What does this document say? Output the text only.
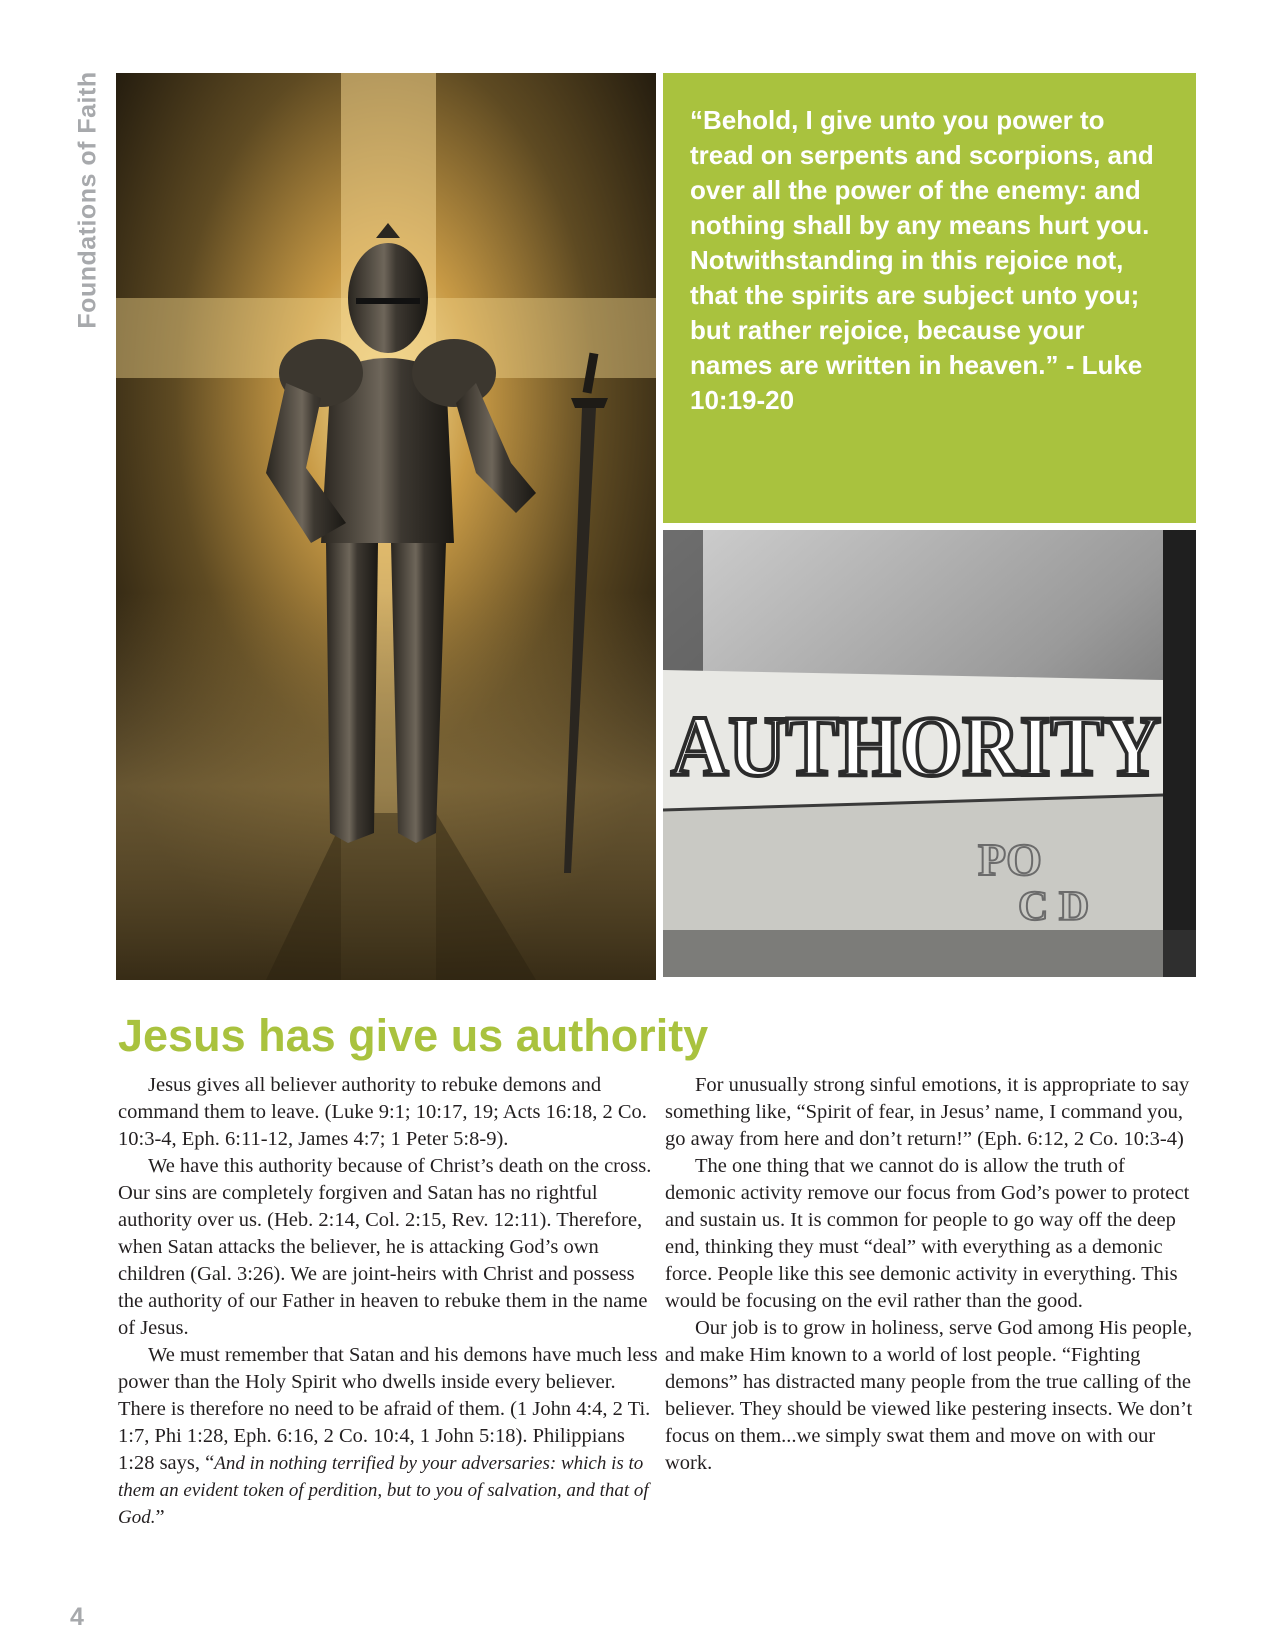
Foundations of Faith	“Behold, I give unto you power to tread on serpents and scorpions, and over all the power of the enemy: and nothing shall by any means hurt you. Notwithstanding in this rejoice not, that the spirits are subject unto you; but rather rejoice, because your names are written in heaven.” - Luke 10:19-20

AUTHORITY
PO
C D
Jesus has give us authority

Jesus gives all believer authority to rebuke demons and command them to leave. (Luke 9:1; 10:17, 19; Acts 16:18, 2 Co. 10:3-4, Eph. 6:11-12, James 4:7; 1 Peter 5:8-9).

We have this authority because of Christ’s death on the cross. Our sins are completely forgiven and Satan has no rightful authority over us. (Heb. 2:14, Col. 2:15, Rev. 12:11). Therefore, when Satan attacks the believer, he is attacking God’s own children (Gal. 3:26). We are joint-heirs with Christ and possess the authority of our Father in heaven to rebuke them in the name of Jesus.

We must remember that Satan and his demons have much less power than the Holy Spirit who dwells inside every believer. There is therefore no need to be afraid of them. (1 John 4:4, 2 Ti. 1:7, Phi 1:28, Eph. 6:16, 2 Co. 10:4, 1 John 5:18). Philippians 1:28 says, “And in nothing terrified by your adversaries: which is to them an evident token of perdition, but to you of salvation, and that of God.”

For unusually strong sinful emotions, it is appropriate to say something like, “Spirit of fear, in Jesus’ name, I command you, go away from here and don’t return!” (Eph. 6:12, 2 Co. 10:3-4)

The one thing that we cannot do is allow the truth of demonic activity remove our focus from God’s power to protect and sustain us. It is common for people to go way off the deep end, thinking they must “deal” with everything as a demonic force. People like this see demonic activity in everything. This would be focusing on the evil rather than the good.

Our job is to grow in holiness, serve God among His people, and make Him known to a world of lost people. “Fighting demons” has distracted many people from the true calling of the believer. They should be viewed like pestering insects. We don’t focus on them...we simply swat them and move on with our work.

4
